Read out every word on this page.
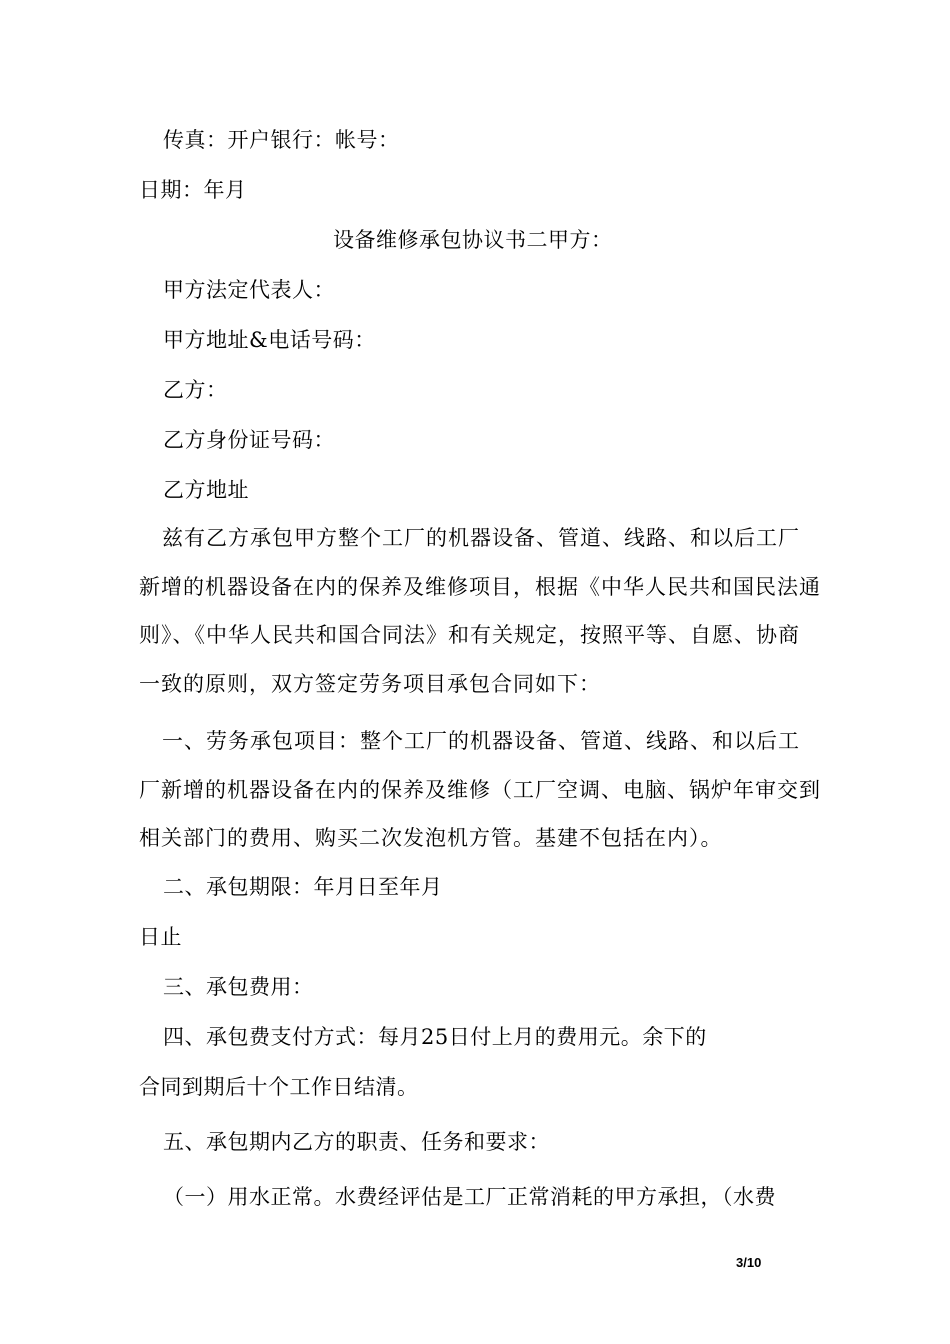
传真：开户银行：帐号：
日期：年月
设备维修承包协议书二甲方：
甲方法定代表人：
甲方地址&电话号码：
乙方：
乙方身份证号码：
乙方地址
兹有乙方承包甲方整个工厂的机器设备、管道、线路、和以后工厂新增的机器设备在内的保养及维修项目，根据《中华人民共和国民法通则》、《中华人民共和国合同法》和有关规定，按照平等、自愿、协商一致的原则，双方签定劳务项目承包合同如下：
一、劳务承包项目：整个工厂的机器设备、管道、线路、和以后工厂新增的机器设备在内的保养及维修（工厂空调、电脑、锅炉年审交到相关部门的费用、购买二次发泡机方管。基建不包括在内）。
二、承包期限：年月日至年月
日止
三、承包费用：
四、承包费支付方式：每月25日付上月的费用元。余下的
合同到期后十个工作日结清。
五、承包期内乙方的职责、任务和要求：
（一）用水正常。水费经评估是工厂正常消耗的甲方承担，（水费
3/10
